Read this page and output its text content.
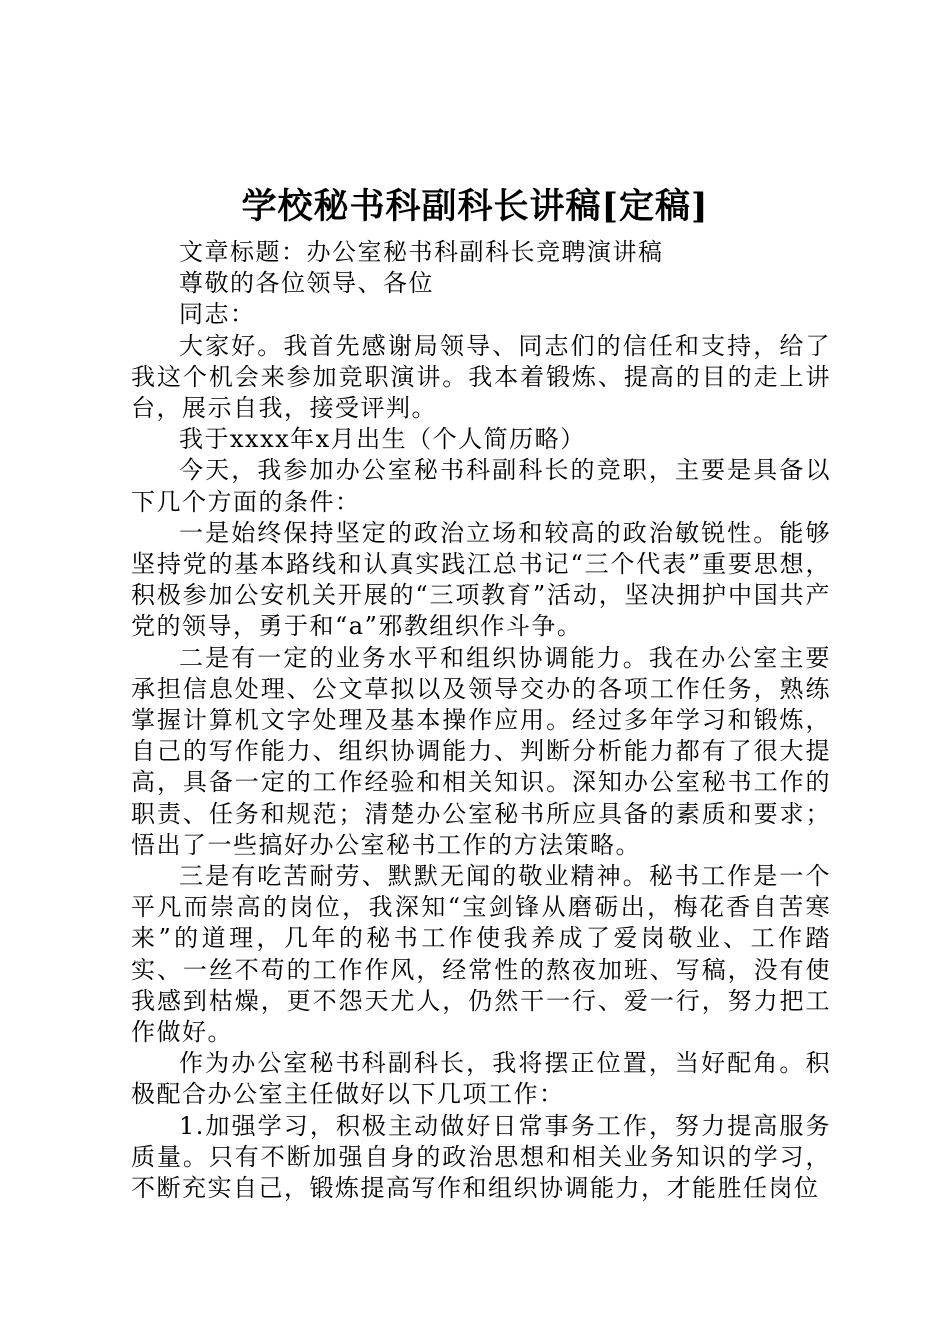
学校秘书科副科长讲稿[定稿]

文章标题：办公室秘书科副科长竞聘演讲稿

尊敬的各位领导、各位

同志：

大家好。我首先感谢局领导、同志们的信任和支持，给了我这个机会来参加竞职演讲。我本着锻炼、提高的目的走上讲台，展示自我，接受评判。

我于xxxx年x月出生（个人简历略）

今天，我参加办公室秘书科副科长的竞职，主要是具备以下几个方面的条件：

一是始终保持坚定的政治立场和较高的政治敏锐性。能够坚持党的基本路线和认真实践江总书记“三个代表”重要思想，积极参加公安机关开展的“三项教育”活动，坚决拥护中国共产党的领导，勇于和“a”邪教组织作斗争。

二是有一定的业务水平和组织协调能力。我在办公室主要承担信息处理、公文草拟以及领导交办的各项工作任务，熟练掌握计算机文字处理及基本操作应用。经过多年学习和锻炼，自己的写作能力、组织协调能力、判断分析能力都有了很大提高，具备一定的工作经验和相关知识。深知办公室秘书工作的职责、任务和规范；清楚办公室秘书所应具备的素质和要求；悟出了一些搞好办公室秘书工作的方法策略。

三是有吃苦耐劳、默默无闻的敬业精神。秘书工作是一个平凡而崇高的岗位，我深知“宝剑锋从磨砺出，梅花香自苦寒来”的道理，几年的秘书工作使我养成了爱岗敬业、工作踏实、一丝不苟的工作作风，经常性的熬夜加班、写稿，没有使我感到枯燥，更不怨天尤人，仍然干一行、爱一行，努力把工作做好。

作为办公室秘书科副科长，我将摆正位置，当好配角。积极配合办公室主任做好以下几项工作：

1.加强学习，积极主动做好日常事务工作，努力提高服务质量。只有不断加强自身的政治思想和相关业务知识的学习，不断充实自己，锻炼提高写作和组织协调能力，才能胜任岗位
